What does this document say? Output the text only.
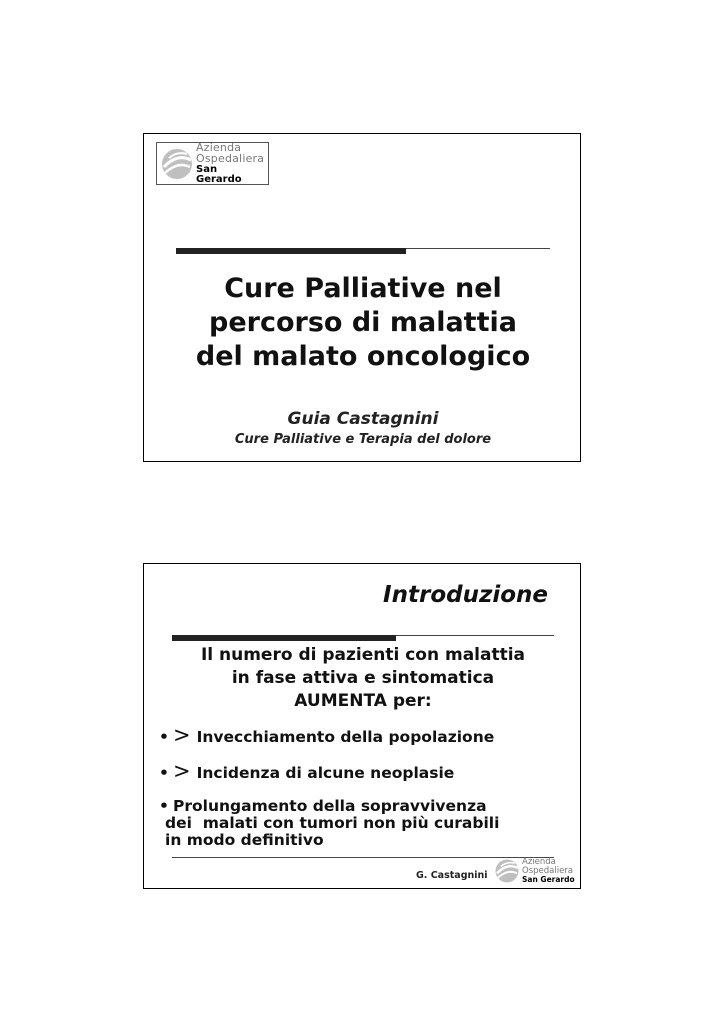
Azienda
Ospedaliera
San Gerardo
Cure Palliative nel
percorso di malattia
del malato oncologico
Guia Castagnini
Cure Palliative e Terapia del dolore
Introduzione
Il numero di pazienti con malattia
in fase attiva e sintomatica
AUMENTA per:
• > Invecchiamento della popolazione
• > Incidenza di alcune neoplasie
• Prolungamento della sopravvivenza
dei  malati con tumori non più curabili
in modo definitivo
G. Castagnini
Azienda
Ospedaliera
San Gerardo
